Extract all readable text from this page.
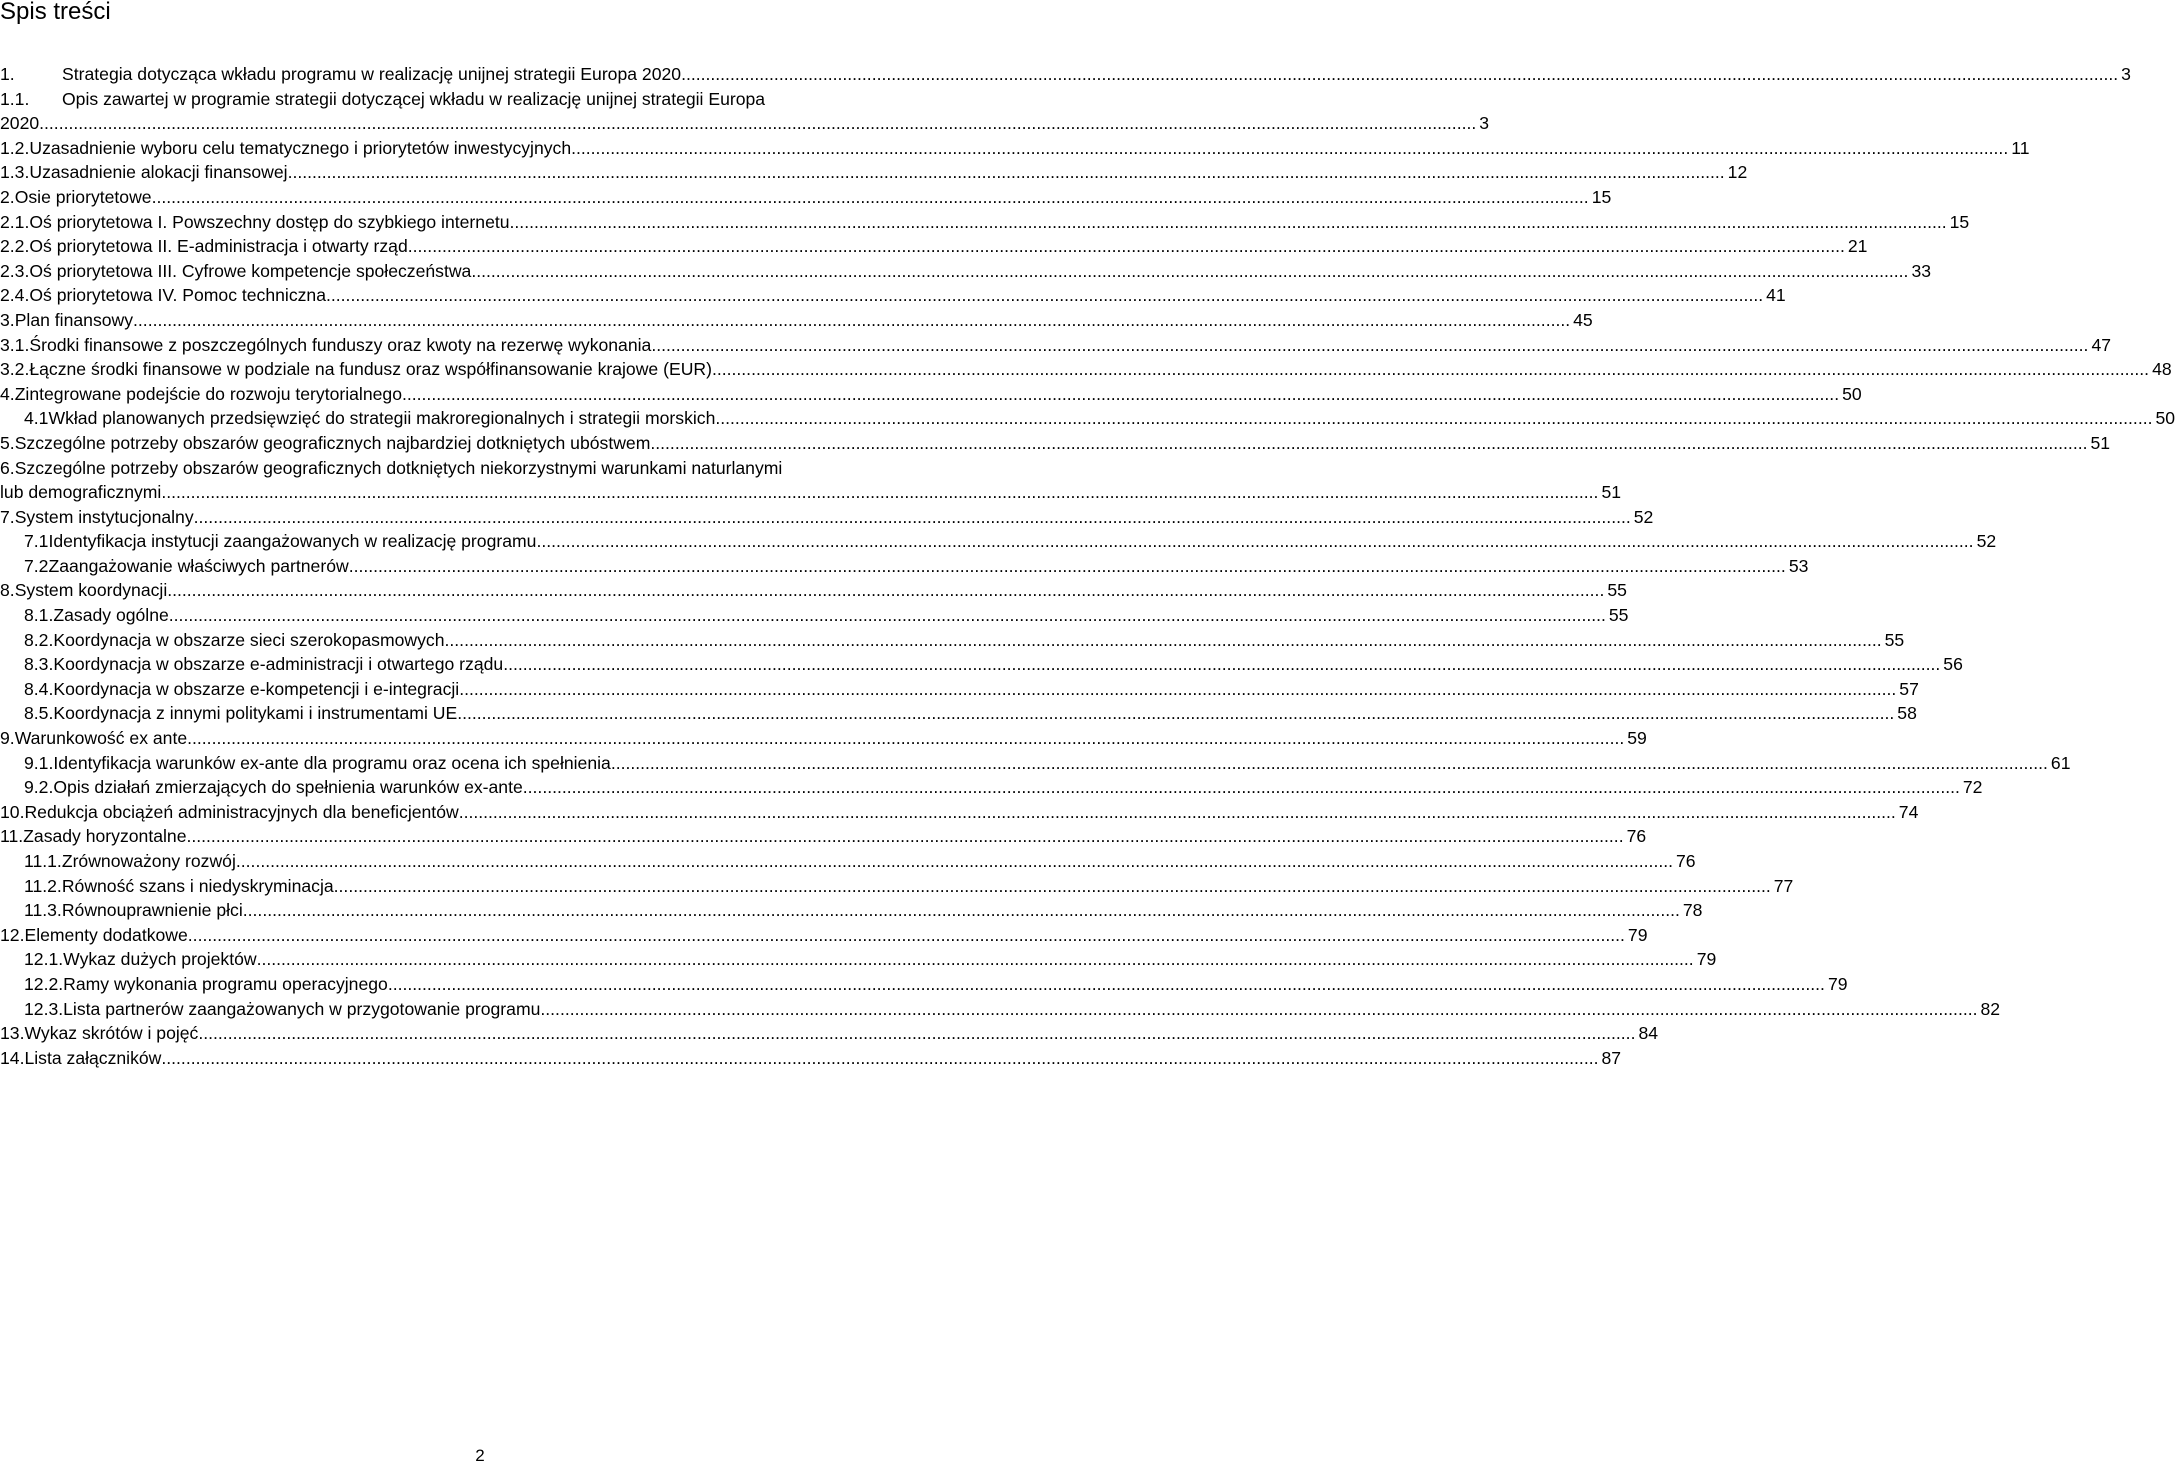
Spis treści
1.	Strategia dotycząca wkładu programu w realizację unijnej strategii Europa 2020 .....	3
1.1.	Opis zawartej w programie strategii dotyczącej wkładu w realizację unijnej strategii Europa
2020 .....	3
1.2. Uzasadnienie wyboru celu tematycznego i priorytetów inwestycyjnych .....	11
1.3. Uzasadnienie alokacji finansowej .....	12
2. Osie priorytetowe .....	15
2.1. Oś priorytetowa I. Powszechny dostęp do szybkiego internetu .....	15
2.2. Oś priorytetowa II. E-administracja i otwarty rząd .....	21
2.3. Oś priorytetowa III. Cyfrowe kompetencje społeczeństwa .....	33
2.4. Oś priorytetowa IV. Pomoc techniczna .....	41
3. Plan finansowy .....	45
3.1. Środki finansowe z poszczególnych funduszy oraz kwoty na rezerwę wykonania .....	47
3.2. Łączne środki finansowe w podziale na fundusz oraz współfinansowanie krajowe (EUR) .....	48
4. Zintegrowane podejście do rozwoju terytorialnego .....	50
4.1 Wkład planowanych przedsięwzięć do strategii makroregionalnych i strategii morskich .....	50
5. Szczególne potrzeby obszarów geograficznych najbardziej dotkniętych ubóstwem .....	51
6. Szczególne potrzeby obszarów geograficznych dotkniętych niekorzystnymi warunkami naturlanymi
lub demograficznymi .....	51
7. System instytucjonalny .....	52
7.1 Identyfikacja instytucji zaangażowanych w realizację programu .....	52
7.2 Zaangażowanie właściwych partnerów .....	53
8. System koordynacji .....	55
8.1. Zasady ogólne .....	55
8.2. Koordynacja w obszarze sieci szerokopasmowych .....	55
8.3. Koordynacja w obszarze e-administracji i otwartego rządu .....	56
8.4. Koordynacja w obszarze e-kompetencji i e-integracji .....	57
8.5. Koordynacja z innymi politykami i instrumentami UE .....	58
9. Warunkowość ex ante .....	59
9.1. Identyfikacja warunków ex-ante dla programu oraz ocena ich spełnienia .....	61
9.2. Opis działań zmierzających do spełnienia warunków ex-ante .....	72
10. Redukcja obciążeń administracyjnych dla beneficjentów .....	74
11. Zasady horyzontalne .....	76
11.1. Zrównoważony rozwój .....	76
11.2. Równość szans i niedyskryminacja .....	77
11.3. Równouprawnienie płci .....	78
12. Elementy dodatkowe .....	79
12.1. Wykaz dużych projektów .....	79
12.2. Ramy wykonania programu operacyjnego .....	79
12.3. Lista partnerów zaangażowanych w przygotowanie programu .....	82
13. Wykaz skrótów i pojęć .....	84
14. Lista załączników .....	87
2
